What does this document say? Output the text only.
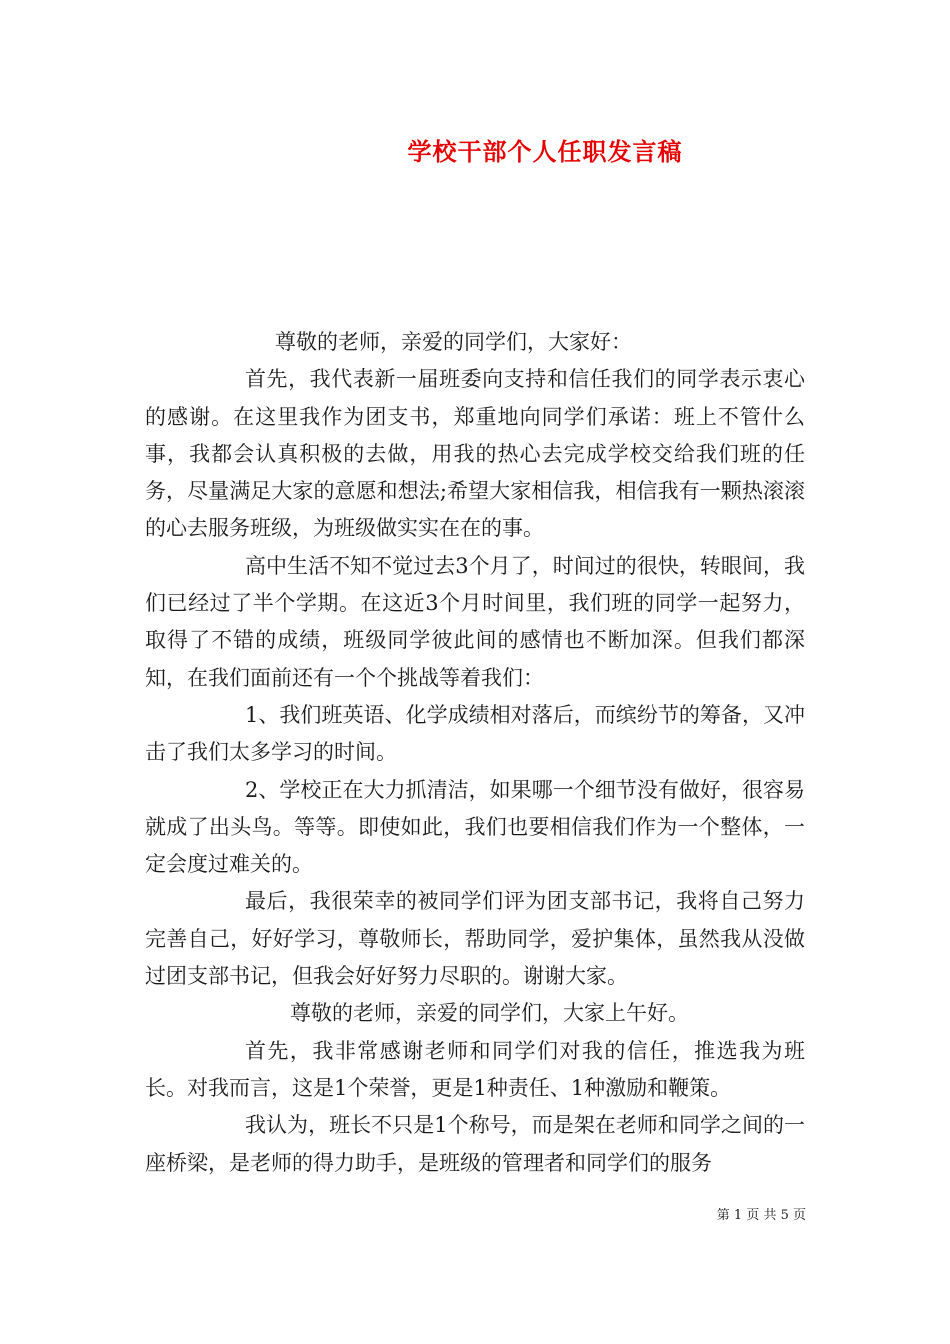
学校干部个人任职发言稿

尊敬的老师，亲爱的同学们，大家好：

首先，我代表新一届班委向支持和信任我们的同学表示衷心的感谢。在这里我作为团支书，郑重地向同学们承诺：班上不管什么事，我都会认真积极的去做，用我的热心去完成学校交给我们班的任务，尽量满足大家的意愿和想法;希望大家相信我，相信我有一颗热滚滚的心去服务班级，为班级做实实在在的事。

高中生活不知不觉过去3个月了，时间过的很快，转眼间，我们已经过了半个学期。在这近3个月时间里，我们班的同学一起努力，取得了不错的成绩，班级同学彼此间的感情也不断加深。但我们都深知，在我们面前还有一个个挑战等着我们：

1、我们班英语、化学成绩相对落后，而缤纷节的筹备，又冲击了我们太多学习的时间。

2、学校正在大力抓清洁，如果哪一个细节没有做好，很容易就成了出头鸟。等等。即使如此，我们也要相信我们作为一个整体，一定会度过难关的。

最后，我很荣幸的被同学们评为团支部书记，我将自己努力完善自己，好好学习，尊敬师长，帮助同学，爱护集体，虽然我从没做过团支部书记，但我会好好努力尽职的。谢谢大家。

尊敬的老师，亲爱的同学们，大家上午好。

首先，我非常感谢老师和同学们对我的信任，推选我为班长。对我而言，这是1个荣誉，更是1种责任、1种激励和鞭策。

我认为，班长不只是1个称号，而是架在老师和同学之间的一座桥梁，是老师的得力助手，是班级的管理者和同学们的服务

第 1 页 共 5 页
